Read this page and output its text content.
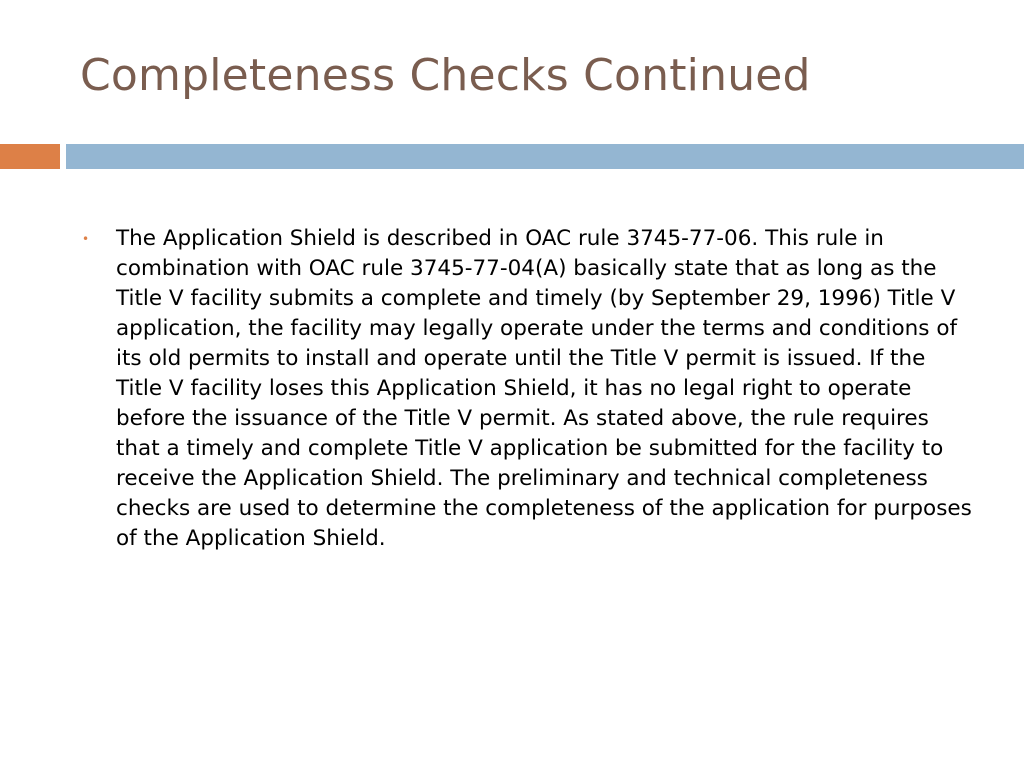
Completeness Checks Continued
•	The Application Shield is described in OAC rule 3745-77-06. This rule in combination with OAC rule 3745-77-04(A) basically state that as long as the Title V facility submits a complete and timely (by September 29, 1996) Title V application, the facility may legally operate under the terms and conditions of its old permits to install and operate until the Title V permit is issued. If the Title V facility loses this Application Shield, it has no legal right to operate before the issuance of the Title V permit. As stated above, the rule requires that a timely and complete Title V application be submitted for the facility to receive the Application Shield. The preliminary and technical completeness checks are used to determine the completeness of the application for purposes of the Application Shield.
